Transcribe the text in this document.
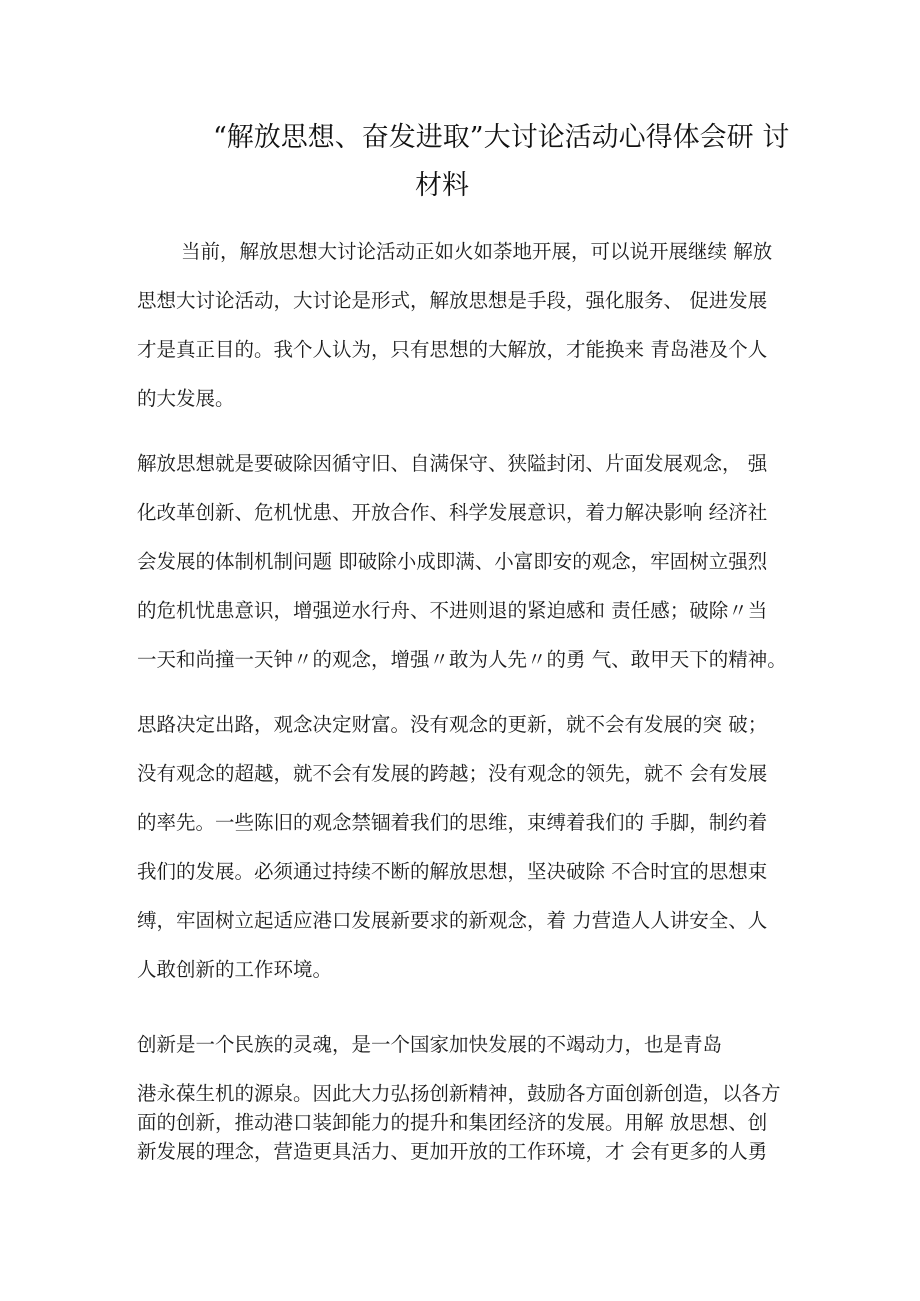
“解放思想、奋发进取”大讨论活动心得体会研 讨
材料
当前，解放思想大讨论活动正如火如荼地开展，可以说开展继续 解放
思想大讨论活动，大讨论是形式，解放思想是手段，强化服务、 促进发展
才是真正目的。我个人认为，只有思想的大解放，才能换来 青岛港及个人
的大发展。
解放思想就是要破除因循守旧、自满保守、狭隘封闭、片面发展观念， 强
化改革创新、危机忧患、开放合作、科学发展意识，着力解决影响 经济社
会发展的体制机制问题 即破除小成即满、小富即安的观念，牢固树立强烈
的危机忧患意识，增强逆水行舟、不进则退的紧迫感和 责任感；破除〃当
一天和尚撞一天钟〃的观念，增强〃敢为人先〃的勇 气、敢甲天下的精神。
思路决定出路，观念决定财富。没有观念的更新，就不会有发展的突 破；
没有观念的超越，就不会有发展的跨越；没有观念的领先，就不 会有发展
的率先。一些陈旧的观念禁锢着我们的思维，束缚着我们的 手脚，制约着
我们的发展。必须通过持续不断的解放思想，坚决破除 不合时宜的思想束
缚，牢固树立起适应港口发展新要求的新观念，着 力营造人人讲安全、人
人敢创新的工作环境。
创新是一个民族的灵魂，是一个国家加快发展的不竭动力，也是青岛
港永葆生机的源泉。因此大力弘扬创新精神，鼓励各方面创新创造，以各方
面的创新，推动港口装卸能力的提升和集团经济的发展。用解 放思想、创
新发展的理念，营造更具活力、更加开放的工作环境，才 会有更多的人勇
